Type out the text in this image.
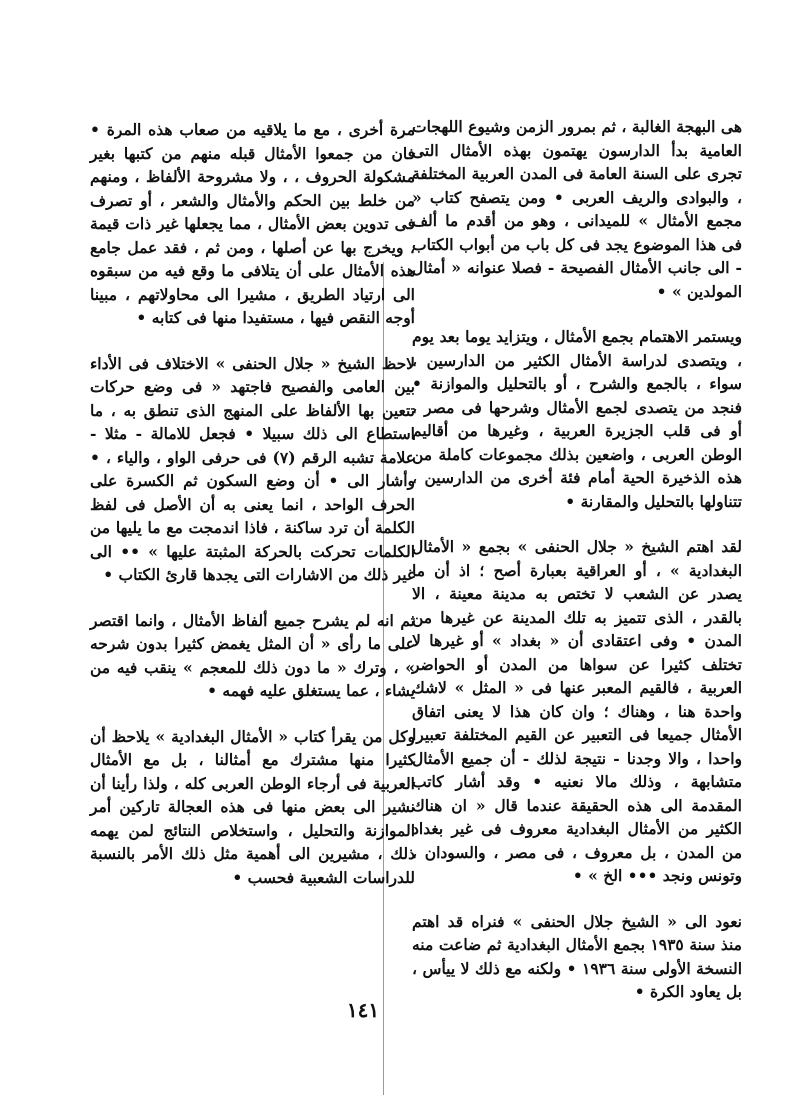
هى البهجة الغالبة ، ثم بمرور الزمن وشيوع اللهجات العامية بدأ الدارسون يهتمون بهذه الأمثال التى تجرى على السنة العامة فى المدن العربية المختلفة ، والبوادى والريف العربى • ومن يتصفح كتاب « مجمع الأمثال » للميدانى ، وهو من أقدم ما ألف فى هذا الموضوع يجد فى كل باب من أبواب الكتاب - الى جانب الأمثال الفصيحة - فصلا عنوانه « أمثال المولدين » •

ويستمر الاهتمام بجمع الأمثال ، ويتزايد يوما بعد يوم ، ويتصدى لدراسة الأمثال الكثير من الدارسين ، سواء ، بالجمع والشرح ، أو بالتحليل والموازنة • فنجد من يتصدى لجمع الأمثال وشرحها فى مصر ، أو فى قلب الجزيرة العربية ، وغيرها من أقاليم الوطن العربى ، واضعين بذلك مجموعات كاملة من هذه الذخيرة الحية أمام فئة أخرى من الدارسين ، تتناولها بالتحليل والمقارنة •

لقد اهتم الشيخ « جلال الحنفى » بجمع « الأمثال البغدادية » ، أو العراقية بعبارة أصح ؛ اذ أن ما يصدر عن الشعب لا تختص به مدينة معينة ، الا بالقدر ، الذى تتميز به تلك المدينة عن غيرها من المدن • وفى اعتقادى أن « بغداد » أو غيرها لا تختلف كثيرا عن سواها من المدن أو الحواضر العربية ، فالقيم المعبر عنها فى « المثل » لاشك واحدة هنا ، وهناك ؛ وان كان هذا لا يعنى اتفاق الأمثال جميعا فى التعبير عن القيم المختلفة تعبيرا واحدا ، والا وجدنا - نتيجة لذلك - أن جميع الأمثال متشابهة ، وذلك مالا نعنيه • وقد أشار كاتب المقدمة الى هذه الحقيقة عندما قال « ان هناك الكثير من الأمثال البغدادية معروف فى غير بغداد من المدن ، بل معروف ، فى مصر ، والسودان ، وتونس ونجد ••• الخ » •

نعود الى « الشيخ جلال الحنفى » فنراه قد اهتم منذ سنة ١٩٣٥ بجمع الأمثال البغدادية ثم ضاعت منه النسخة الأولى سنة ١٩٣٦ • ولكنه مع ذلك لا ييأس ، بل يعاود الكرة •

مرة أخرى ، مع ما يلاقيه من صعاب هذه المرة • فان من جمعوا الأمثال قبله منهم من كتبها بغير مشكولة الحروف ، ، ولا مشروحة الألفاظ ، ومنهم من خلط بين الحكم والأمثال والشعر ، أو تصرف فى تدوين بعض الأمثال ، مما يجعلها غير ذات قيمة ، ويخرج بها عن أصلها ، ومن ثم ، فقد عمل جامع هذه الأمثال على أن يتلافى ما وقع فيه من سبقوه الى ارتياد الطريق ، مشيرا الى محاولاتهم ، مبينا أوجه النقص فيها ، مستفيدا منها فى كتابه •

لاحظ الشيخ « جلال الحنفى » الاختلاف فى الأداء بين العامى والفصيح فاجتهد « فى وضع حركات تتعين بها الألفاظ على المنهج الذى تنطق به ، ما استطاع الى ذلك سبيلا • فجعل للامالة - مثلا - علامة تشبه الرقم (٧) فى حرفى الواو ، والياء ، • وأشار الى • أن وضع السكون ثم الكسرة على الحرف الواحد ، انما يعنى به أن الأصل فى لفظ الكلمة أن ترد ساكنة ، فاذا اندمجت مع ما يليها من الكلمات تحركت بالحركة المثبتة عليها » •• الى غير ذلك من الاشارات التى يجدها قارئ الكتاب •

ثم انه لم يشرح جميع ألفاظ الأمثال ، وانما اقتصر على ما رأى « أن المثل يغمض كثيرا بدون شرحه » ، وترك « ما دون ذلك للمعجم » ينقب فيه من يشاء ، عما يستغلق عليه فهمه •

وكل من يقرأ كتاب « الأمثال البغدادية » يلاحظ أن كثيرا منها مشترك مع أمثالنا ، بل مع الأمثال العربية فى أرجاء الوطن العربى كله ، ولذا رأينا أن نشير الى بعض منها فى هذه العجالة تاركين أمر الموازنة والتحليل ، واستخلاص النتائج لمن يهمه ذلك ، مشيرين الى أهمية مثل ذلك الأمر بالنسبة للدراسات الشعبية فحسب •

١٤١
